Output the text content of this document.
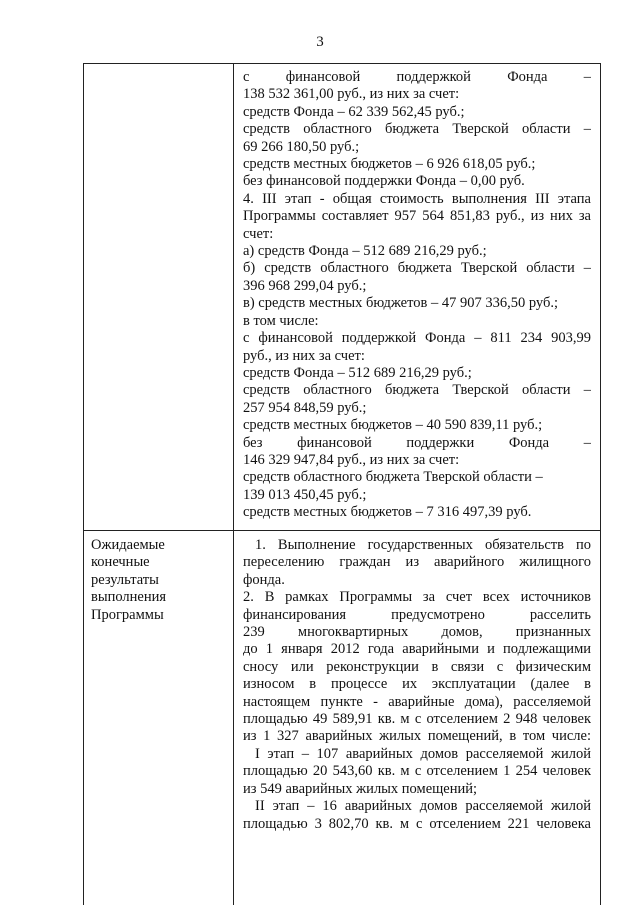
3
с финансовой поддержкой Фонда –
138 532 361,00 руб., из них за счет:
средств Фонда – 62 339 562,45 руб.;
средств областного бюджета Тверской области –
69 266 180,50 руб.;
средств местных бюджетов – 6 926 618,05 руб.;
без финансовой поддержки Фонда – 0,00 руб.
4. III этап - общая стоимость выполнения III этапа
Программы составляет 957 564 851,83 руб., из них за
счет:
а) средств Фонда – 512 689 216,29 руб.;
б) средств областного бюджета Тверской области –
396 968 299,04 руб.;
в) средств местных бюджетов – 47 907 336,50 руб.;
в том числе:
с финансовой поддержкой Фонда – 811 234 903,99
руб., из них за счет:
средств Фонда – 512 689 216,29 руб.;
средств областного бюджета Тверской области –
257 954 848,59 руб.;
средств местных бюджетов – 40 590 839,11 руб.;
без финансовой поддержки Фонда –
146 329 947,84 руб., из них за счет:
средств областного бюджета Тверской области –
139 013 450,45 руб.;
средств местных бюджетов – 7 316 497,39 руб.
Ожидаемые
конечные
результаты
выполнения
Программы
1. Выполнение государственных обязательств по
переселению граждан из аварийного жилищного
фонда.
2. В рамках Программы за счет всех источников
финансирования предусмотрено расселить
239 многоквартирных домов, признанных
до 1 января 2012 года аварийными и подлежащими
сносу или реконструкции в связи с физическим
износом в процессе их эксплуатации (далее в
настоящем пункте - аварийные дома), расселяемой
площадью 49 589,91 кв. м с отселением 2 948 человек
из 1 327 аварийных жилых помещений, в том числе:
I этап – 107 аварийных домов расселяемой жилой
площадью 20 543,60 кв. м с отселением 1 254 человек
из 549 аварийных жилых помещений;
II этап – 16 аварийных домов расселяемой жилой
площадью 3 802,70 кв. м с отселением 221 человека
